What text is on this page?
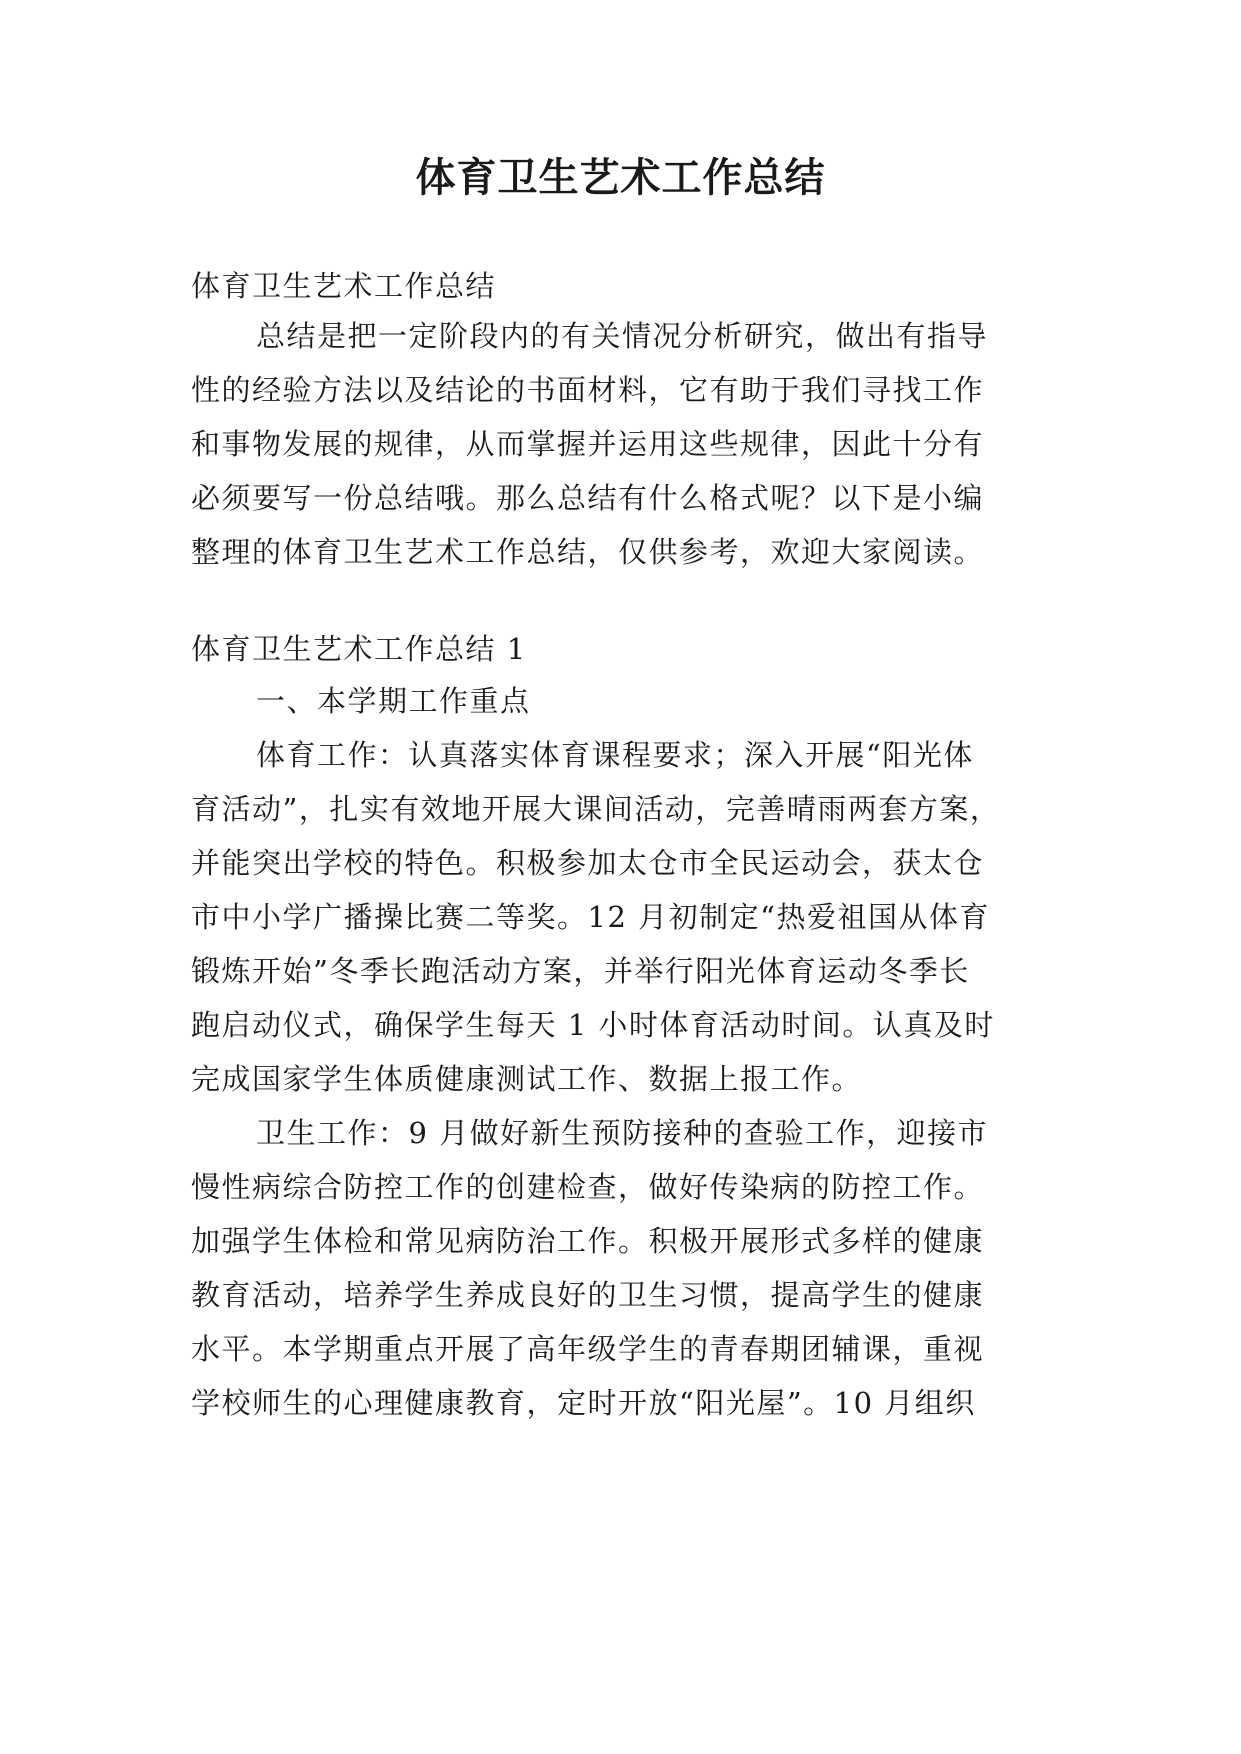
体育卫生艺术工作总结
体育卫生艺术工作总结
总结是把一定阶段内的有关情况分析研究，做出有指导
性的经验方法以及结论的书面材料，它有助于我们寻找工作
和事物发展的规律，从而掌握并运用这些规律，因此十分有
必须要写一份总结哦。那么总结有什么格式呢？以下是小编
整理的体育卫生艺术工作总结，仅供参考，欢迎大家阅读。
体育卫生艺术工作总结 1
一、本学期工作重点
体育工作：认真落实体育课程要求；深入开展“阳光体
育活动”，扎实有效地开展大课间活动，完善晴雨两套方案，
并能突出学校的特色。积极参加太仓市全民运动会，获太仓
市中小学广播操比赛二等奖。12 月初制定“热爱祖国从体育
锻炼开始”冬季长跑活动方案，并举行阳光体育运动冬季长
跑启动仪式，确保学生每天 1 小时体育活动时间。认真及时
完成国家学生体质健康测试工作、数据上报工作。
卫生工作：9 月做好新生预防接种的查验工作，迎接市
慢性病综合防控工作的创建检查，做好传染病的防控工作。
加强学生体检和常见病防治工作。积极开展形式多样的健康
教育活动，培养学生养成良好的卫生习惯，提高学生的健康
水平。本学期重点开展了高年级学生的青春期团辅课，重视
学校师生的心理健康教育，定时开放“阳光屋”。10 月组织
